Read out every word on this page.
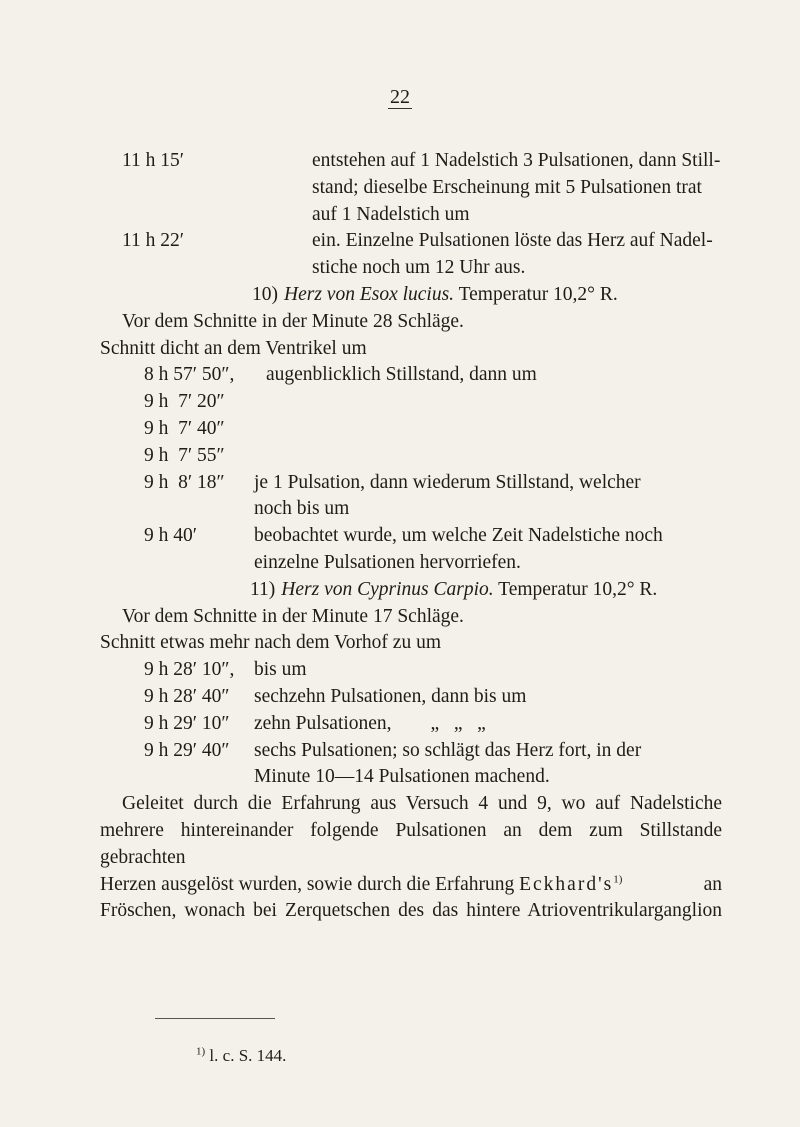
22
11 h 15′	entstehen auf 1 Nadelstich 3 Pulsationen, dann Still-
stand; dieselbe Erscheinung mit 5 Pulsationen trat
auf 1 Nadelstich um
11 h 22′	ein. Einzelne Pulsationen löste das Herz auf Nadel-
stiche noch um 12 Uhr aus.
10) Herz von Esox lucius. Temperatur 10,2° R.
Vor dem Schnitte in der Minute 28 Schläge.
Schnitt dicht an dem Ventrikel um
8 h 57′ 50″,	augenblicklich Stillstand, dann um
9 h  7′ 20″
9 h  7′ 40″
9 h  7′ 55″
9 h  8′ 18″	je 1 Pulsation, dann wiederum Stillstand, welcher
noch bis um
9 h 40′	beobachtet wurde, um welche Zeit Nadelstiche noch
einzelne Pulsationen hervorriefen.
11) Herz von Cyprinus Carpio. Temperatur 10,2° R.
Vor dem Schnitte in der Minute 17 Schläge.
Schnitt etwas mehr nach dem Vorhof zu um
9 h 28′ 10″,	bis um
9 h 28′ 40″	sechzehn Pulsationen, dann bis um
9 h 29′ 10″	zehn Pulsationen,        „   „   „
9 h 29′ 40″	sechs Pulsationen; so schlägt das Herz fort, in der
Minute 10—14 Pulsationen machend.
Geleitet durch die Erfahrung aus Versuch 4 und 9, wo auf Nadelstiche
mehrere hintereinander folgende Pulsationen an dem zum Stillstande gebrachten
Herzen ausgelöst wurden, sowie durch die Erfahrung $Eckhard's^{1)}$	an
Fröschen, wonach bei Zerquetschen des das hintere Atrioventrikularganglion
$^{1)}$ l. c. S. 144.
